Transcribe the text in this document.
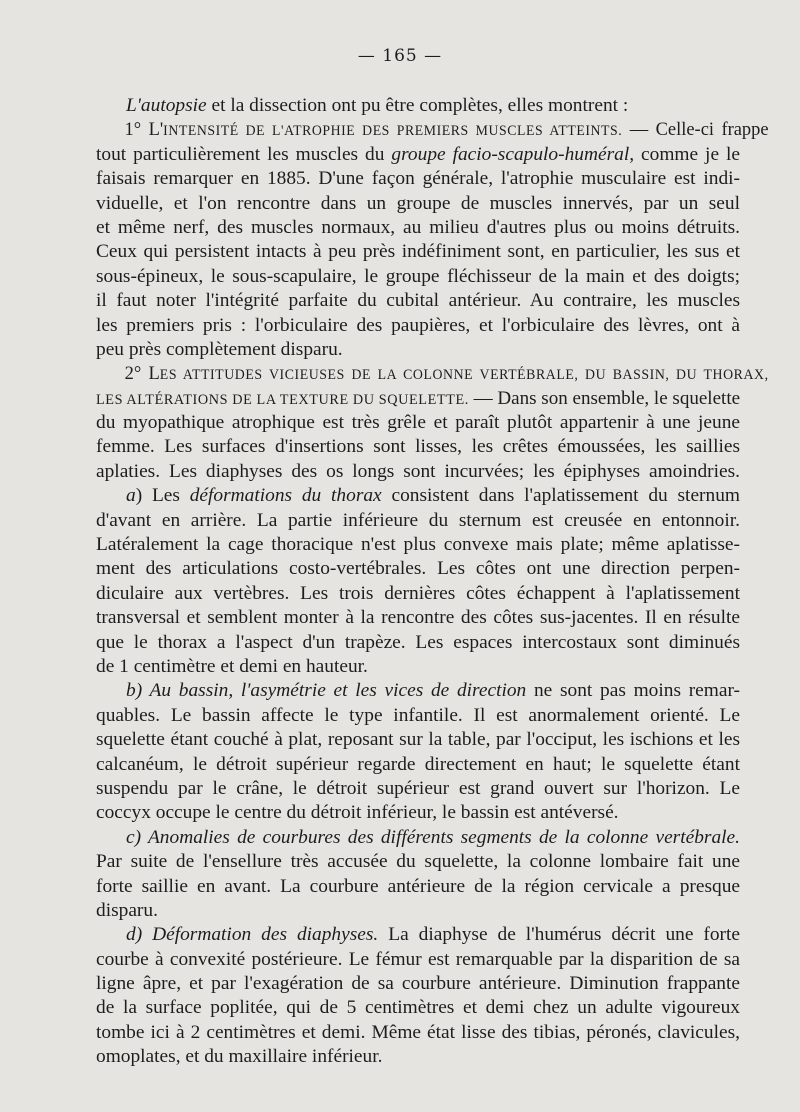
— 165 —
L'autopsie et la dissection ont pu être complètes, elles montrent :
1° L'INTENSITÉ DE L'ATROPHIE DES PREMIERS MUSCLES ATTEINTS. — Celle-ci frappe
tout particulièrement les muscles du groupe facio-scapulo-huméral, comme je le
faisais remarquer en 1885. D'une façon générale, l'atrophie musculaire est indi-
viduelle, et l'on rencontre dans un groupe de muscles innervés, par un seul
et même nerf, des muscles normaux, au milieu d'autres plus ou moins détruits.
Ceux qui persistent intacts à peu près indéfiniment sont, en particulier, les sus et
sous-épineux, le sous-scapulaire, le groupe fléchisseur de la main et des doigts;
il faut noter l'intégrité parfaite du cubital antérieur. Au contraire, les muscles
les premiers pris : l'orbiculaire des paupières, et l'orbiculaire des lèvres, ont à
peu près complètement disparu.
2° LES ATTITUDES VICIEUSES DE LA COLONNE VERTÉBRALE, DU BASSIN, DU THORAX,
LES ALTÉRATIONS DE LA TEXTURE DU SQUELETTE. — Dans son ensemble, le squelette
du myopathique atrophique est très grêle et paraît plutôt appartenir à une jeune
femme. Les surfaces d'insertions sont lisses, les crêtes émoussées, les saillies
aplaties. Les diaphyses des os longs sont incurvées; les épiphyses amoindries.
a) Les déformations du thorax consistent dans l'aplatissement du sternum
d'avant en arrière. La partie inférieure du sternum est creusée en entonnoir.
Latéralement la cage thoracique n'est plus convexe mais plate; même aplatisse-
ment des articulations costo-vertébrales. Les côtes ont une direction perpen-
diculaire aux vertèbres. Les trois dernières côtes échappent à l'aplatissement
transversal et semblent monter à la rencontre des côtes sus-jacentes. Il en résulte
que le thorax a l'aspect d'un trapèze. Les espaces intercostaux sont diminués
de 1 centimètre et demi en hauteur.
b) Au bassin, l'asymétrie et les vices de direction ne sont pas moins remar-
quables. Le bassin affecte le type infantile. Il est anormalement orienté. Le
squelette étant couché à plat, reposant sur la table, par l'occiput, les ischions et les
calcanéum, le détroit supérieur regarde directement en haut; le squelette étant
suspendu par le crâne, le détroit supérieur est grand ouvert sur l'horizon. Le
coccyx occupe le centre du détroit inférieur, le bassin est antéversé.
c) Anomalies de courbures des différents segments de la colonne vertébrale.
Par suite de l'ensellure très accusée du squelette, la colonne lombaire fait une
forte saillie en avant. La courbure antérieure de la région cervicale a presque
disparu.
d) Déformation des diaphyses. La diaphyse de l'humérus décrit une forte
courbe à convexité postérieure. Le fémur est remarquable par la disparition de sa
ligne âpre, et par l'exagération de sa courbure antérieure. Diminution frappante
de la surface poplitée, qui de 5 centimètres et demi chez un adulte vigoureux
tombe ici à 2 centimètres et demi. Même état lisse des tibias, péronés, clavicules,
omoplates, et du maxillaire inférieur.
